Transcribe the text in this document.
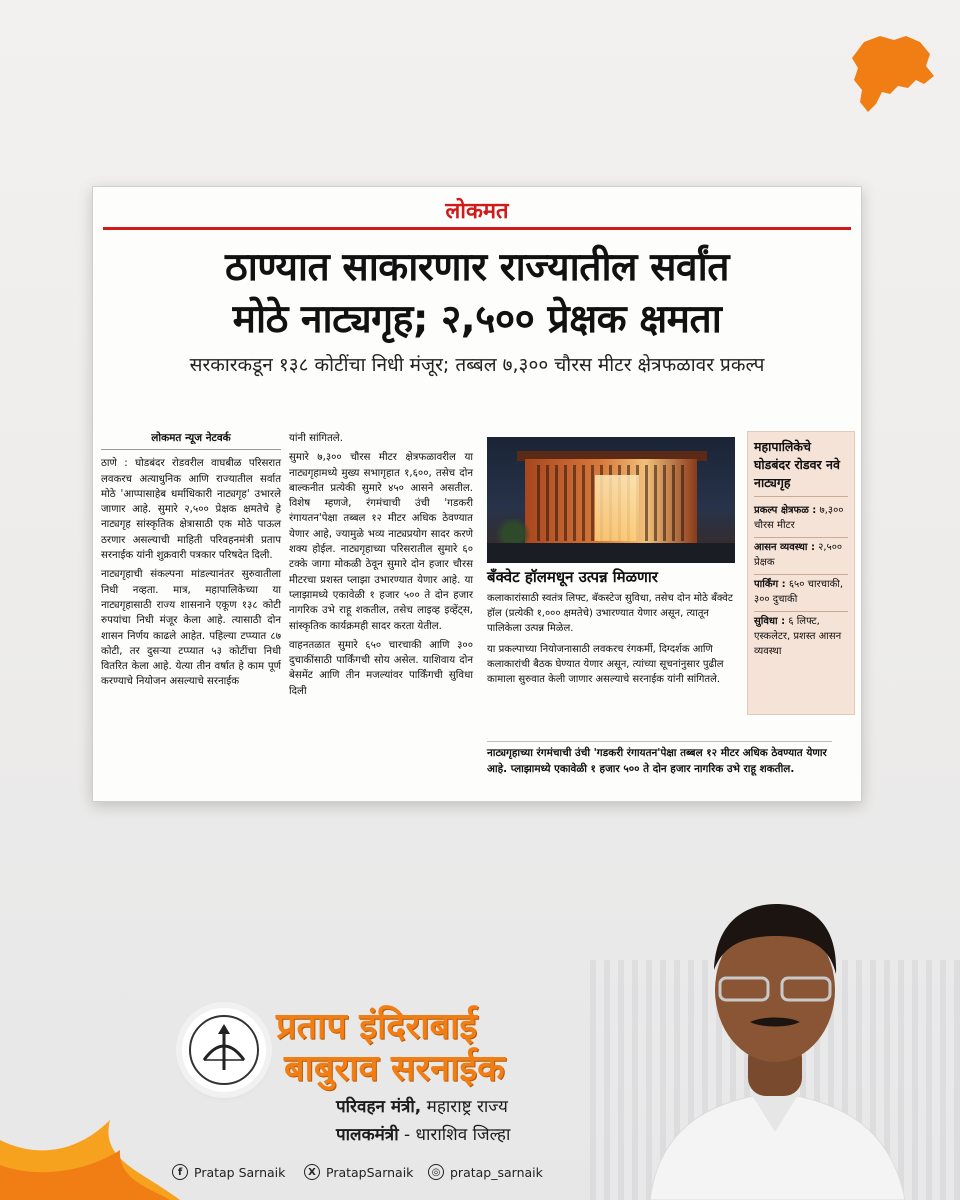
लोकमत
ठाण्यात साकारणार राज्यातील सर्वांत
मोठे नाट्यगृह; २,५०० प्रेक्षक क्षमता
सरकारकडून १३८ कोटींचा निधी मंजूर; तब्बल ७,३०० चौरस मीटर क्षेत्रफळावर प्रकल्प
लोकमत न्यूज नेटवर्क

ठाणे : घोडबंदर रोडवरील वाघबीळ परिसरात लवकरच अत्याधुनिक आणि राज्यातील सर्वात मोठे 'आप्पासाहेब धर्माधिकारी नाट्यगृह' उभारले जाणार आहे. सुमारे २,५०० प्रेक्षक क्षमतेचे हे नाट्यगृह सांस्कृतिक क्षेत्रासाठी एक मोठे पाऊल ठरणार असल्याची माहिती परिवहनमंत्री प्रताप सरनाईक यांनी शुक्रवारी पत्रकार परिषदेत दिली.

नाट्यगृहाची संकल्पना मांडल्यानंतर सुरुवातीला निधी नव्हता. मात्र, महापालिकेच्या या नाट्यगृहासाठी राज्य शासनाने एकूण १३८ कोटी रुपयांचा निधी मंजूर केला आहे. त्यासाठी दोन शासन निर्णय काढले आहेत. पहिल्या टप्प्यात ८७ कोटी, तर दुसऱ्या टप्प्यात ५३ कोटींचा निधी वितरित केला आहे. येत्या तीन वर्षात हे काम पूर्ण करण्याचे नियोजन असल्याचे सरनाईक

यांनी सांगितले.

सुमारे ७,३०० चौरस मीटर क्षेत्रफळावरील या नाट्यगृहामध्ये मुख्य सभागृहात १,६००, तसेच दोन बाल्कनीत प्रत्येकी सुमारे ४५० आसने असतील. विशेष म्हणजे, रंगमंचाची उंची 'गडकरी रंगायतन'पेक्षा तब्बल १२ मीटर अधिक ठेवण्यात येणार आहे, ज्यामुळे भव्य नाट्यप्रयोग सादर करणे शक्य होईल. नाट्यगृहाच्या परिसरातील सुमारे ६० टक्के जागा मोकळी ठेवून सुमारे दोन हजार चौरस मीटरचा प्रशस्त प्लाझा उभारण्यात येणार आहे. या प्लाझामध्ये एकावेळी १ हजार ५०० ते दोन हजार नागरिक उभे राहू शकतील, तसेच लाइव्ह इव्हेंट्स, सांस्कृतिक कार्यक्रमही सादर करता येतील.

वाहनतळात सुमारे ६५० चारचाकी आणि ३०० दुचाकींसाठी पार्किंगची सोय असेल. याशिवाय दोन बेसमेंट आणि तीन मजल्यांवर पार्किंगची सुविधा दिली

बँक्वेट हॉलमधून उत्पन्न मिळणार

कलाकारांसाठी स्वतंत्र लिफ्ट, बॅकस्टेज सुविधा, तसेच दोन मोठे बँक्वेट हॉल (प्रत्येकी १,००० क्षमतेचे) उभारण्यात येणार असून, त्यातून पालिकेला उत्पन्न मिळेल.

या प्रकल्पाच्या नियोजनासाठी लवकरच रंगकर्मी, दिग्दर्शक आणि कलाकारांची बैठक घेण्यात येणार असून, त्यांच्या सूचनांनुसार पुढील कामाला सुरुवात केली जाणार असल्याचे सरनाईक यांनी सांगितले.

नाट्यगृहाच्या रंगमंचाची उंची 'गडकरी रंगायतन'पेक्षा तब्बल १२ मीटर अधिक ठेवण्यात येणार आहे. प्लाझामध्ये एकावेळी १ हजार ५०० ते दोन हजार नागरिक उभे राहू शकतील.
महापालिकेचे घोडबंदर रोडवर नवे नाट्यगृह
प्रकल्प क्षेत्रफळ : ७,३०० चौरस मीटर
आसन व्यवस्था : २,५०० प्रेक्षक
पार्किंग : ६५० चारचाकी, ३०० दुचाकी
सुविधा : ६ लिफ्ट, एस्कलेटर, प्रशस्त आसन व्यवस्था
प्रताप इंदिराबाई
बाबुराव सरनाईक
परिवहन मंत्री, महाराष्ट्र राज्य
पालकमंत्री - धाराशिव जिल्हा
f Pratap Sarnaik	X PratapSarnaik	◎ pratap_sarnaik
